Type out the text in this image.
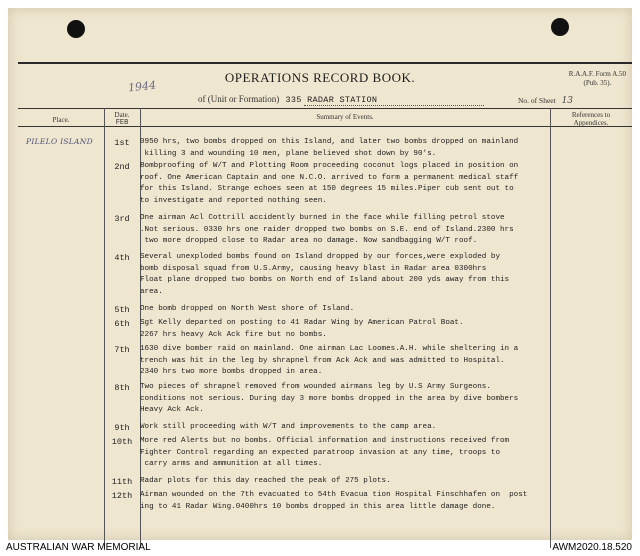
OPERATIONS RECORD BOOK.	R.A.A.F. Form A.50
(Pub. 35).
1944
of (Unit or Formation) 335 RADAR STATION	No. of Sheet 13
Place.
Date.
FEB
Summary of Events.	References to
Appendices.
PILELO ISLAND	1st	0950 hrs, two bombs dropped on this Island, and later two bombs dropped on mainland
killing 3 and wounding 10 men, plane believed shot down by 90's.
2nd	Bombproofing of W/T and Plotting Room proceeding coconut logs placed in position on
roof. One American Captain and one N.C.O. arrived to form a permanent medical staff
for this Island. Strange echoes seen at 150 degrees 15 miles.Piper cub sent out to
to investigate and reported nothing seen.
3rd	One airman Acl Cottrill accidently burned in the face while filling petrol stove
.Not serious. 0330 hrs one raider dropped two bombs on S.E. end of Island.2300 hrs
two more dropped close to Radar area no damage. Now sandbagging W/T roof.
4th	Several unexploded bombs found on Island dropped by our forces,were exploded by
bomb disposal squad from U.S.Army, causing heavy blast in Radar area 0300hrs
Float plane dropped two bombs on North end of Island about 200 yds away from this
area.
5th	One bomb dropped on North West shore of Island.
6th	Sgt Kelly departed on posting to 41 Radar Wing by American Patrol Boat.
2267 hrs heavy Ack Ack fire but no bombs.
7th	1630 dive bomber raid on mainland. One airman Lac Loomes.A.H. while sheltering in a
trench was hit in the leg by shrapnel from Ack Ack and was admitted to Hospital.
2340 hrs two more bombs dropped in area.
8th	Two pieces of shrapnel removed from wounded airmans leg by U.S Army Surgeons.
conditions not serious. During day 3 more bombs dropped in the area by dive bombers
Heavy Ack Ack.
9th	Work still proceeding with W/T and improvements to the camp area.
10th	More red Alerts but no bombs. Official information and instructions received from
Fighter Control regarding an expected paratroop invasion at any time, troops to
carry arms and ammunition at all times.
11th	Radar plots for this day reached the peak of 275 plots.
12th	Airman wounded on the 7th evacuated to 54th Evacua tion Hospital Finschhafen on  post
ing to 41 Radar Wing.0400hrs 10 bombs dropped in this area little damage done.
AUSTRALIAN WAR MEMORIAL	AWM2020.18.520
